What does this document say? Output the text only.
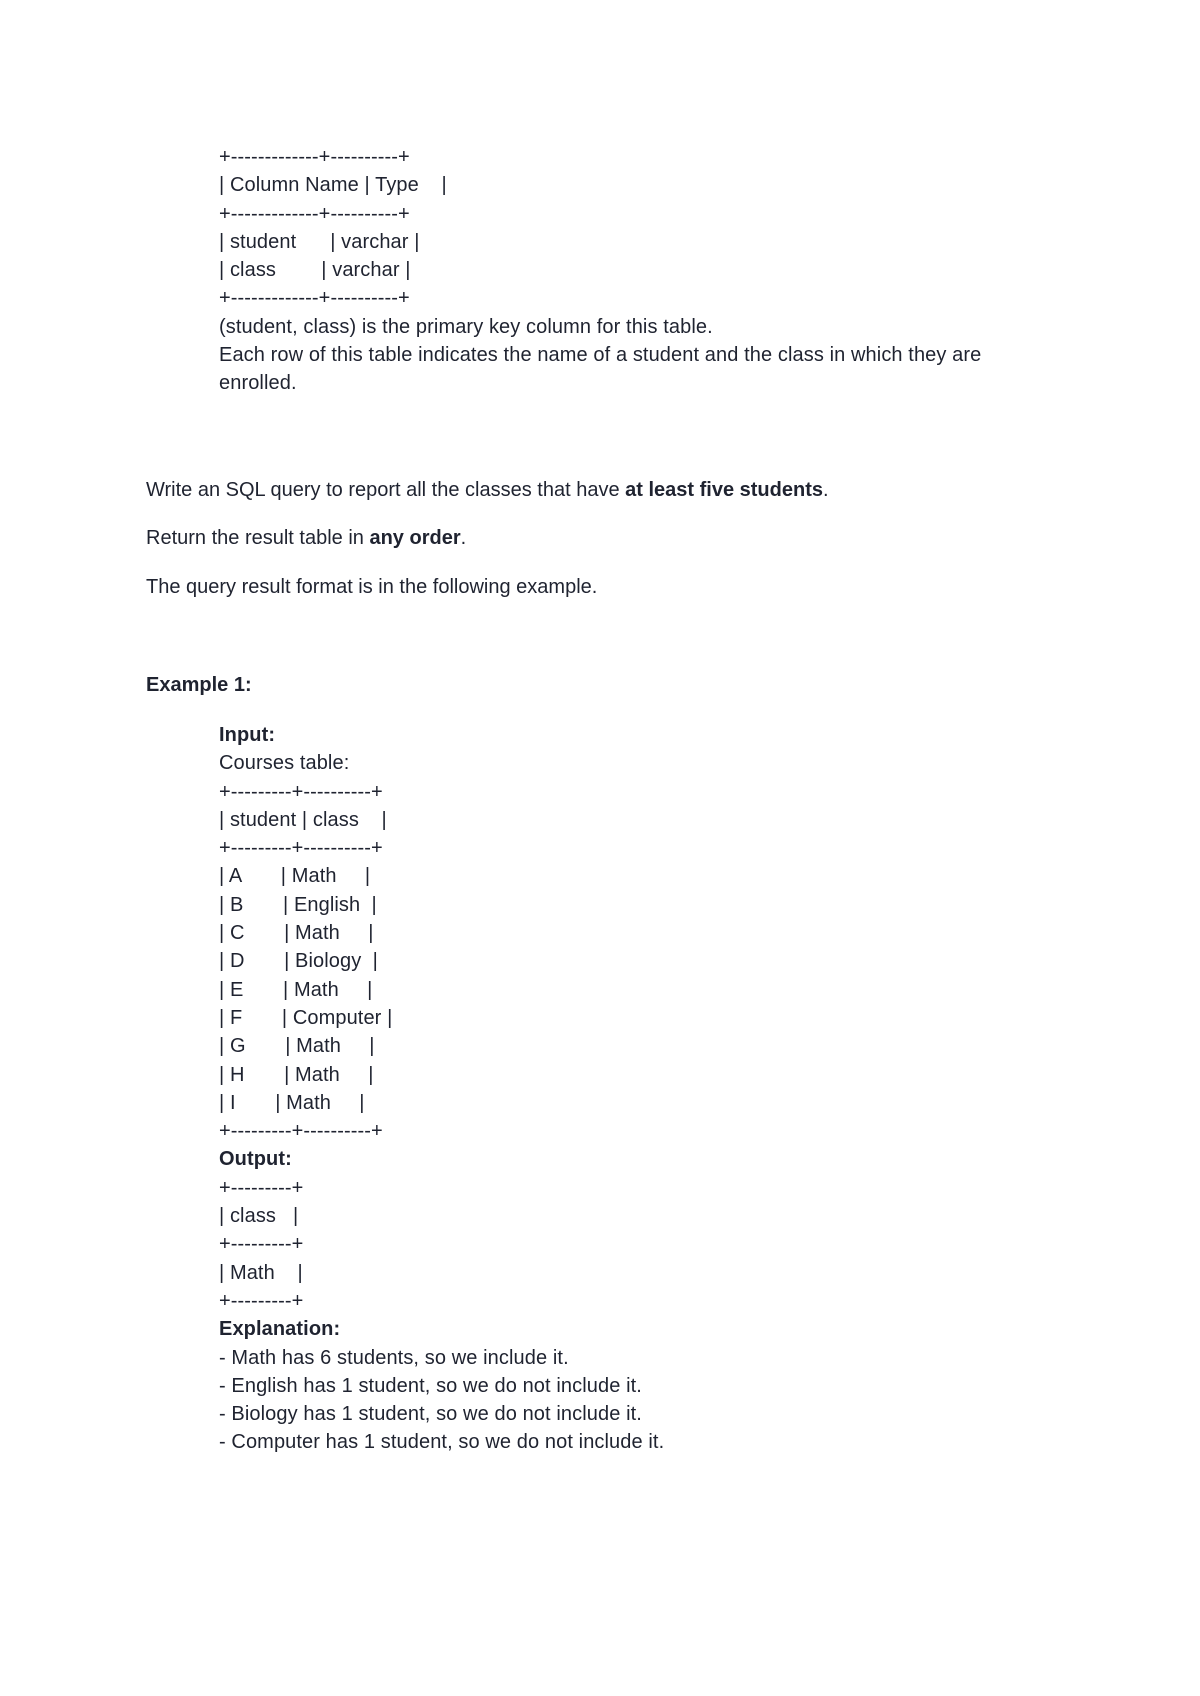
+-------------+----------+
| Column Name | Type    |
+-------------+----------+
| student      | varchar |
| class        | varchar |
+-------------+----------+
(student, class) is the primary key column for this table.
Each row of this table indicates the name of a student and the class in which they are enrolled.
Write an SQL query to report all the classes that have at least five students.
Return the result table in any order.
The query result format is in the following example.
Example 1:
Input:
Courses table:
+---------+----------+
| student | class    |
+---------+----------+
| A       | Math     |
| B       | English  |
| C       | Math     |
| D       | Biology  |
| E       | Math     |
| F       | Computer |
| G       | Math     |
| H       | Math     |
| I       | Math     |
+---------+----------+
Output:
+---------+
| class   |
+---------+
| Math    |
+---------+
Explanation:
- Math has 6 students, so we include it.
- English has 1 student, so we do not include it.
- Biology has 1 student, so we do not include it.
- Computer has 1 student, so we do not include it.
